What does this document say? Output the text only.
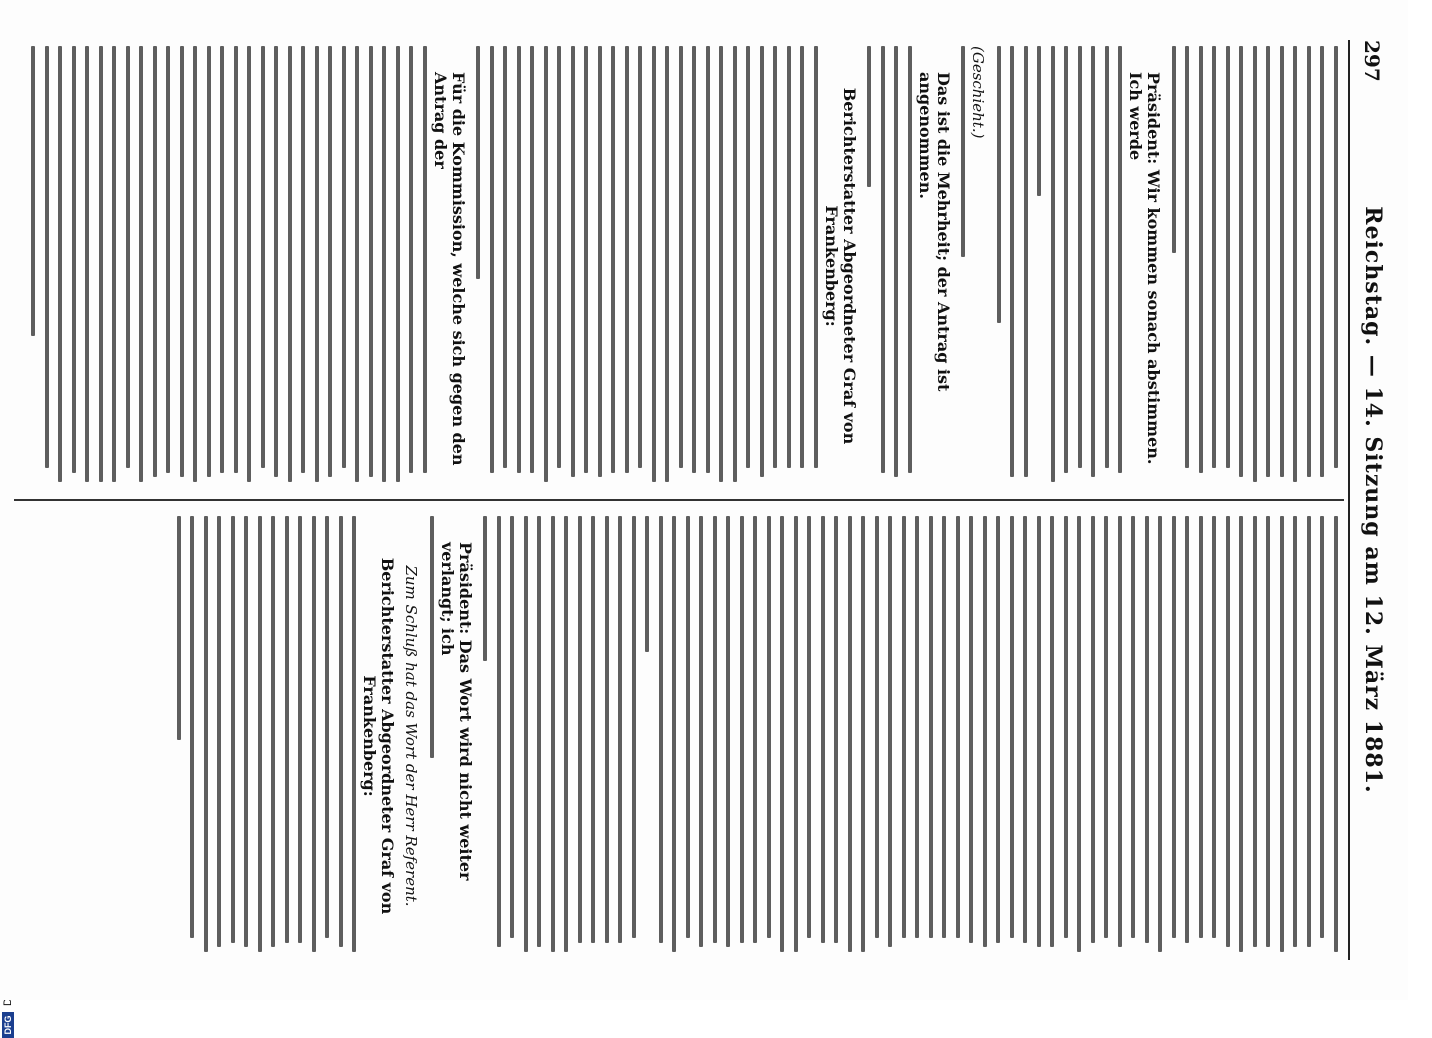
DFG
297
Reichstag. — 14. Sitzung am 12. März 1881.
Präsident: Wir kommen sonach abstimmen. Ich werde
(Geschieht.)
Das ist die Mehrheit; der Antrag ist angenommen.
Berichterstatter Abgeordneter Graf von Frankenberg:
Für die Kommission, welche sich gegen den Antrag der
Präsident: Das Wort wird nicht weiter verlangt; ich
Zum Schluß hat das Wort der Herr Referent.
Berichterstatter Abgeordneter Graf von Frankenberg:
